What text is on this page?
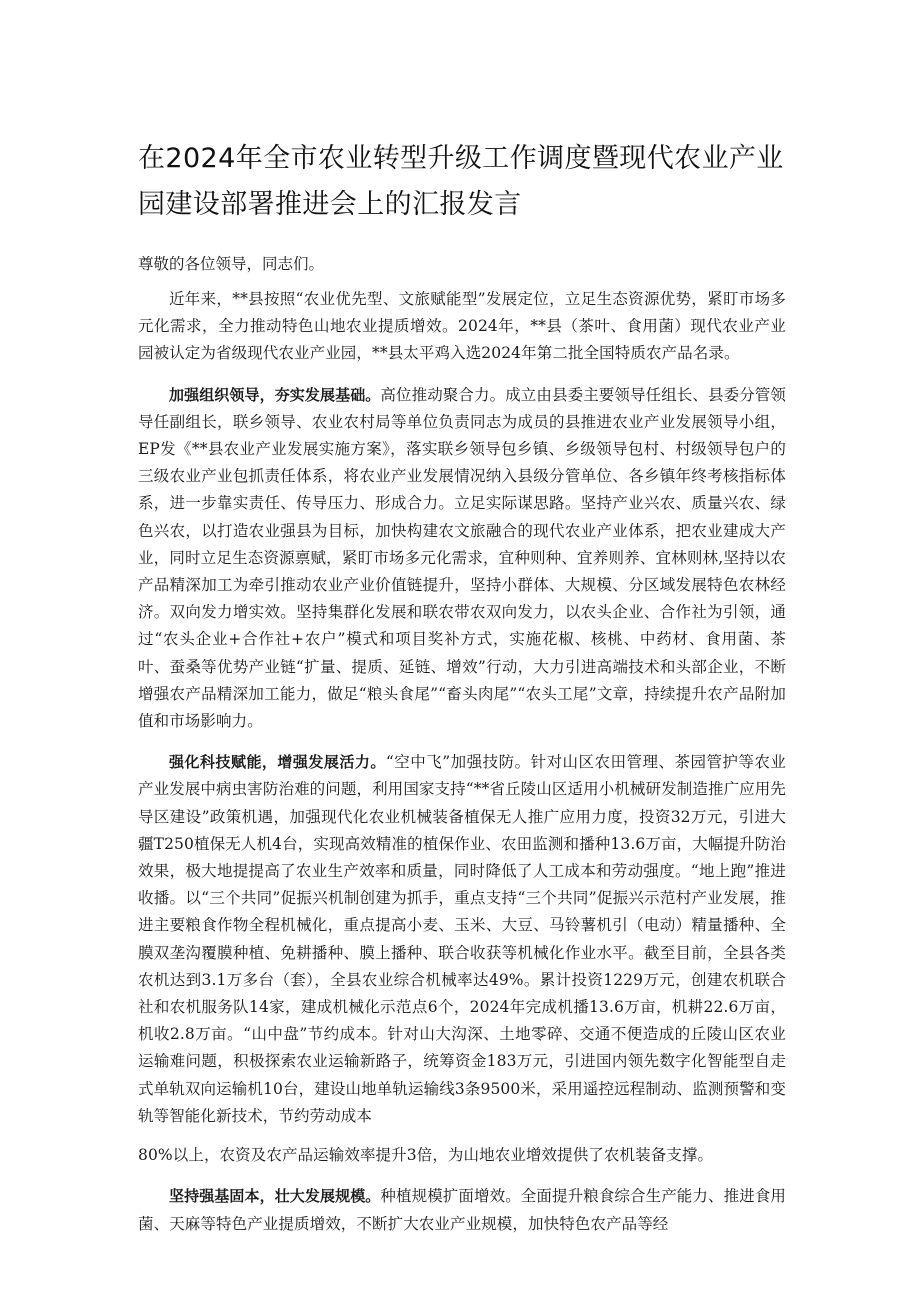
在2024年全市农业转型升级工作调度暨现代农业产业园建设部署推进会上的汇报发言

尊敬的各位领导，同志们。

近年来，**县按照“农业优先型、文旅赋能型”发展定位，立足生态资源优势，紧盯市场多元化需求，全力推动特色山地农业提质增效。2024年，**县（茶叶、食用菌）现代农业产业园被认定为省级现代农业产业园，**县太平鸡入选2024年第二批全国特质农产品名录。

加强组织领导，夯实发展基础。高位推动聚合力。成立由县委主要领导任组长、县委分管领导任副组长，联乡领导、农业农村局等单位负责同志为成员的县推进农业产业发展领导小组，EP发《**县农业产业发展实施方案》，落实联乡领导包乡镇、乡级领导包村、村级领导包户的三级农业产业包抓责任体系，将农业产业发展情况纳入县级分管单位、各乡镇年终考核指标体系，进一步靠实责任、传导压力、形成合力。立足实际谋思路。坚持产业兴农、质量兴农、绿色兴农，以打造农业强县为目标，加快构建农文旅融合的现代农业产业体系，把农业建成大产业，同时立足生态资源禀赋，紧盯市场多元化需求，宜种则种、宜养则养、宜林则林,坚持以农产品精深加工为牵引推动农业产业价值链提升，坚持小群体、大规模、分区域发展特色农林经济。双向发力增实效。坚持集群化发展和联农带农双向发力，以农头企业、合作社为引领，通过“农头企业+合作社+农户”模式和项目奖补方式，实施花椒、核桃、中药材、食用菌、茶叶、蚕桑等优势产业链“扩量、提质、延链、增效”行动，大力引进高端技术和头部企业，不断增强农产品精深加工能力，做足“粮头食尾”“畜头肉尾”“农头工尾”文章，持续提升农产品附加值和市场影响力。

强化科技赋能，增强发展活力。“空中飞”加强技防。针对山区农田管理、茶园管护等农业产业发展中病虫害防治难的问题，利用国家支持“**省丘陵山区适用小机械研发制造推广应用先导区建设”政策机遇，加强现代化农业机械装备植保无人推广应用力度，投资32万元，引进大疆T250植保无人机4台，实现高效精准的植保作业、农田监测和播种13.6万亩，大幅提升防治效果，极大地提提高了农业生产效率和质量，同时降低了人工成本和劳动强度。“地上跑”推进收播。以“三个共同”促振兴机制创建为抓手，重点支持“三个共同”促振兴示范村产业发展，推进主要粮食作物全程机械化，重点提高小麦、玉米、大豆、马铃薯机引（电动）精量播种、全膜双垄沟覆膜种植、免耕播种、膜上播种、联合收获等机械化作业水平。截至目前，全县各类农机达到3.1万多台（套），全县农业综合机械率达49%。累计投资1229万元，创建农机联合社和农机服务队14家，建成机械化示范点6个，2024年完成机播13.6万亩，机耕22.6万亩，机收2.8万亩。“山中盘”节约成本。针对山大沟深、土地零碎、交通不便造成的丘陵山区农业运输难问题，积极探索农业运输新路子，统筹资金183万元，引进国内领先数字化智能型自走式单轨双向运输机10台，建设山地单轨运输线3条9500米，采用遥控远程制动、监测预警和变轨等智能化新技术，节约劳动成本

80%以上，农资及农产品运输效率提升3倍，为山地农业增效提供了农机装备支撑。

坚持强基固本，壮大发展规模。种植规模扩面增效。全面提升粮食综合生产能力、推进食用菌、天麻等特色产业提质增效，不断扩大农业产业规模，加快特色农产品等经
